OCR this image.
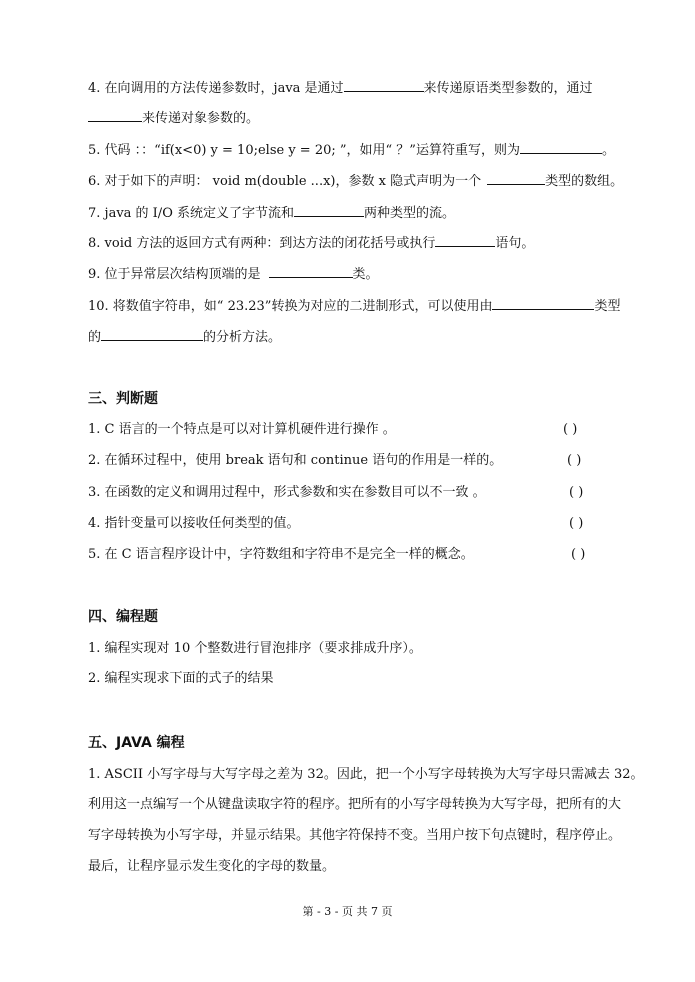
4. 在向调用的方法传递参数时，java 是通过	来传递原语类型参数的，通过
来传递对象参数的。
5. 代码 ：：“if(x<0) y = 10;else y = 20; ”，如用“ ？”运算符重写，则为	。
6. 对于如下的声明： void m(double ...x)，参数 x 隐式声明为一个	类型的数组。
7. java 的 I/O 系统定义了字节流和	两种类型的流。
8. void 方法的返回方式有两种：到达方法的闭花括号或执行	语句。
9. 位于异常层次结构顶端的是	类。
10. 将数值字符串，如“ 23.23”转换为对应的二进制形式，可以使用由	类型
的	的分析方法。
三、判断题
1. C 语言的一个特点是可以对计算机硬件进行操作 。	( )
2. 在循环过程中，使用 break 语句和 continue 语句的作用是一样的。	( )
3. 在函数的定义和调用过程中，形式参数和实在参数目可以不一致 。	( )
4. 指针变量可以接收任何类型的值。	( )
5. 在 C 语言程序设计中，字符数组和字符串不是完全一样的概念。	( )
四、编程题
1. 编程实现对 10 个整数进行冒泡排序（要求排成升序）。
2. 编程实现求下面的式子的结果
五、JAVA 编程
1. ASCII 小写字母与大写字母之差为 32。因此，把一个小写字母转换为大写字母只需减去 32。
利用这一点编写一个从键盘读取字符的程序。把所有的小写字母转换为大写字母，把所有的大
写字母转换为小写字母，并显示结果。其他字符保持不变。当用户按下句点键时，程序停止。
最后，让程序显示发生变化的字母的数量。
第 - 3 - 页 共 7 页
